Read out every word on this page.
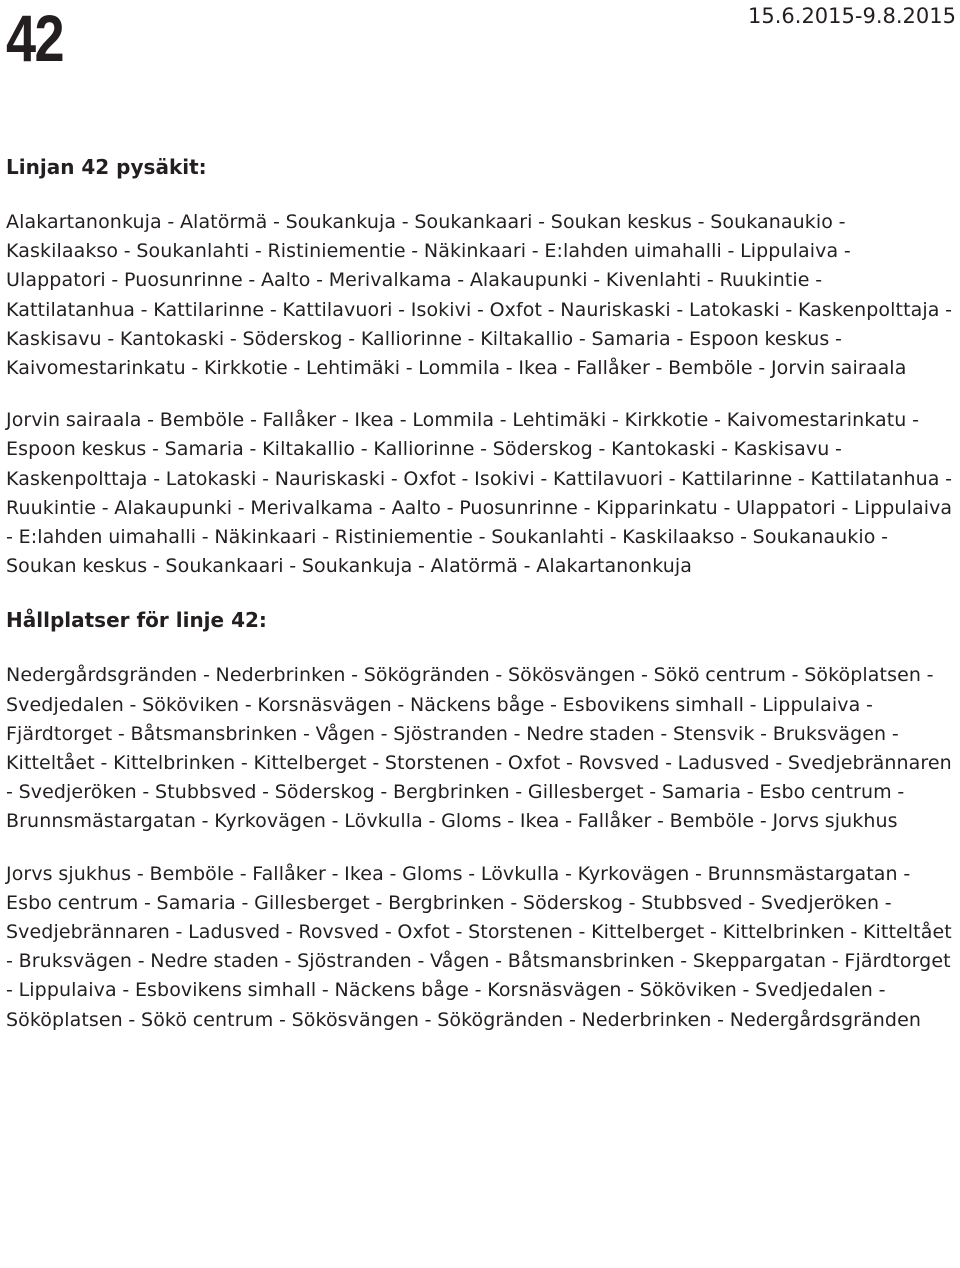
42	15.6.2015-9.8.2015
Linjan 42 pysäkit:

Alakartanonkuja - Alatörmä - Soukankuja - Soukankaari - Soukan keskus - Soukanaukio - Kaskilaakso - Soukanlahti - Ristiniementie - Näkinkaari - E:lahden uimahalli - Lippulaiva - Ulappatori - Puosunrinne - Aalto - Merivalkama - Alakaupunki - Kivenlahti - Ruukintie - Kattilatanhua - Kattilarinne - Kattilavuori - Isokivi - Oxfot - Nauriskaski - Latokaski - Kaskenpolttaja - Kaskisavu - Kantokaski - Söderskog - Kalliorinne - Kiltakallio - Samaria - Espoon keskus - Kaivomestarinkatu - Kirkkotie - Lehtimäki - Lommila - Ikea - Fallåker - Bemböle - Jorvin sairaala

Jorvin sairaala - Bemböle - Fallåker - Ikea - Lommila - Lehtimäki - Kirkkotie - Kaivomestarinkatu - Espoon keskus - Samaria - Kiltakallio - Kalliorinne - Söderskog - Kantokaski - Kaskisavu - Kaskenpolttaja - Latokaski - Nauriskaski - Oxfot - Isokivi - Kattilavuori - Kattilarinne - Kattilatanhua - Ruukintie - Alakaupunki - Merivalkama - Aalto - Puosunrinne - Kipparinkatu - Ulappatori - Lippulaiva - E:lahden uimahalli - Näkinkaari - Ristiniementie - Soukanlahti - Kaskilaakso - Soukanaukio - Soukan keskus - Soukankaari - Soukankuja - Alatörmä - Alakartanonkuja

Hållplatser för linje 42:

Nedergårdsgränden - Nederbrinken - Sökögränden - Sökösvängen - Sökö centrum - Sököplatsen - Svedjedalen - Sököviken - Korsnäsvägen - Näckens båge - Esbovikens simhall - Lippulaiva - Fjärdtorget - Båtsmansbrinken - Vågen - Sjöstranden - Nedre staden - Stensvik - Bruksvägen - Kitteltået - Kittelbrinken - Kittelberget - Storstenen - Oxfot - Rovsved - Ladusved - Svedjebrännaren - Svedjeröken - Stubbsved - Söderskog - Bergbrinken - Gillesberget - Samaria - Esbo centrum - Brunnsmästargatan - Kyrkovägen - Lövkulla - Gloms - Ikea - Fallåker - Bemböle - Jorvs sjukhus

Jorvs sjukhus - Bemböle - Fallåker - Ikea - Gloms - Lövkulla - Kyrkovägen - Brunnsmästargatan - Esbo centrum - Samaria - Gillesberget - Bergbrinken - Söderskog - Stubbsved - Svedjeröken - Svedjebrännaren - Ladusved - Rovsved - Oxfot - Storstenen - Kittelberget - Kittelbrinken - Kitteltået - Bruksvägen - Nedre staden - Sjöstranden - Vågen - Båtsmansbrinken - Skeppargatan - Fjärdtorget - Lippulaiva - Esbovikens simhall - Näckens båge - Korsnäsvägen - Sököviken - Svedjedalen - Sököplatsen - Sökö centrum - Sökösvängen - Sökögränden - Nederbrinken - Nedergårdsgränden
